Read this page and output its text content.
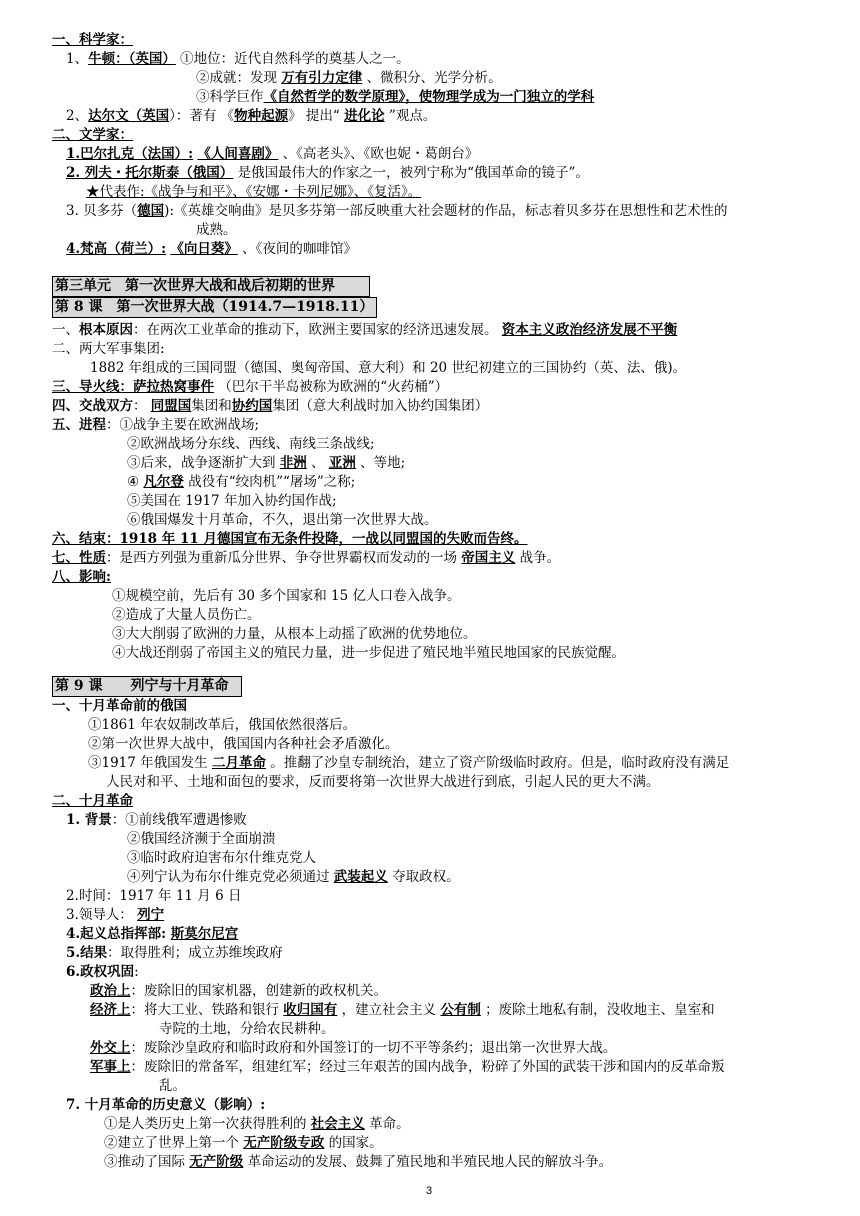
3
第三单元　第一次世界大战和战后初期的世界
第 8 课　第一次世界大战（1914.7—1918.11）
第 9 课　　列宁与十月革命
一、科学家：
1、牛顿：（英国） ①地位：近代自然科学的奠基人之一。
②成就：发现 万有引力定律 、微积分、光学分析。
③科学巨作《自然哲学的数学原理》，使物理学成为一门独立的学科
2、达尔文（英国）：著有 《物种起源》 提出“ 进化论 ”观点。
二、文学家：
1.巴尔扎克（法国）: 《人间喜剧》 、《高老头》、《欧也妮・葛朗台》
2. 列夫・托尔斯泰（俄国） 是俄国最伟大的作家之一，被列宁称为“俄国革命的镜子”。
★代表作:《战争与和平》、《安娜・卡列尼娜》、《复活》。
3. 贝多芬（德国):《英雄交响曲》是贝多芬第一部反映重大社会题材的作品，标志着贝多芬在思想性和艺术性的
成熟。
4.梵高（荷兰）: 《向日葵》 、《夜间的咖啡馆》
一、根本原因：在两次工业革命的推动下，欧洲主要国家的经济迅速发展。 资本主义政治经济发展不平衡
二、两大军事集团:
1882 年组成的三国同盟（德国、奥匈帝国、意大利）和 20 世纪初建立的三国协约（英、法、俄)。
三、导火线：萨拉热窝事件 （巴尔干半岛被称为欧洲的“火药桶”）
四、交战双方： 同盟国集团和协约国集团（意大利战时加入协约国集团）
五、进程：①战争主要在欧洲战场;
②欧洲战场分东线、西线、南线三条战线;
③后来，战争逐渐扩大到 非洲 、 亚洲 、等地;
④ 凡尔登 战役有“绞肉机”“屠场”之称;
⑤美国在 1917 年加入协约国作战;
⑥俄国爆发十月革命，不久，退出第一次世界大战。
六、结束：1918 年 11 月德国宣布无条件投降，一战以同盟国的失败而告终。
七、性质：是西方列强为重新瓜分世界、争夺世界霸权而发动的一场 帝国主义 战争。
八、影响:
①规模空前，先后有 30 多个国家和 15 亿人口卷入战争。
②造成了大量人员伤亡。
③大大削弱了欧洲的力量，从根本上动摇了欧洲的优势地位。
④大战还削弱了帝国主义的殖民力量，进一步促进了殖民地半殖民地国家的民族觉醒。
一、十月革命前的俄国
①1861 年农奴制改革后，俄国依然很落后。
②第一次世界大战中，俄国国内各种社会矛盾激化。
③1917 年俄国发生 二月革命 。推翻了沙皇专制统治，建立了资产阶级临时政府。但是，临时政府没有满足
人民对和平、土地和面包的要求，反而要将第一次世界大战进行到底，引起人民的更大不满。
二、十月革命
1. 背景：①前线俄军遭遇惨败
②俄国经济濒于全面崩溃
③临时政府迫害布尔什维克党人
④列宁认为布尔什维克党必须通过 武装起义 夺取政权。
2.时间：1917 年 11 月 6 日
3.领导人： 列宁
4.起义总指挥部: 斯莫尔尼宫
5.结果：取得胜利；成立苏维埃政府
6.政权巩固:
政治上：废除旧的国家机器，创建新的政权机关。
经济上：将大工业、铁路和银行 收归国有 ，建立社会主义 公有制 ；废除土地私有制，没收地主、皇室和
寺院的土地，分给农民耕种。
外交上：废除沙皇政府和临时政府和外国签订的一切不平等条约；退出第一次世界大战。
军事上：废除旧的常备军，组建红军；经过三年艰苦的国内战争，粉碎了外国的武装干涉和国内的反革命叛
乱。
7. 十月革命的历史意义（影响）:
①是人类历史上第一次获得胜利的 社会主义 革命。
②建立了世界上第一个 无产阶级专政 的国家。
③推动了国际 无产阶级 革命运动的发展、鼓舞了殖民地和半殖民地人民的解放斗争。
